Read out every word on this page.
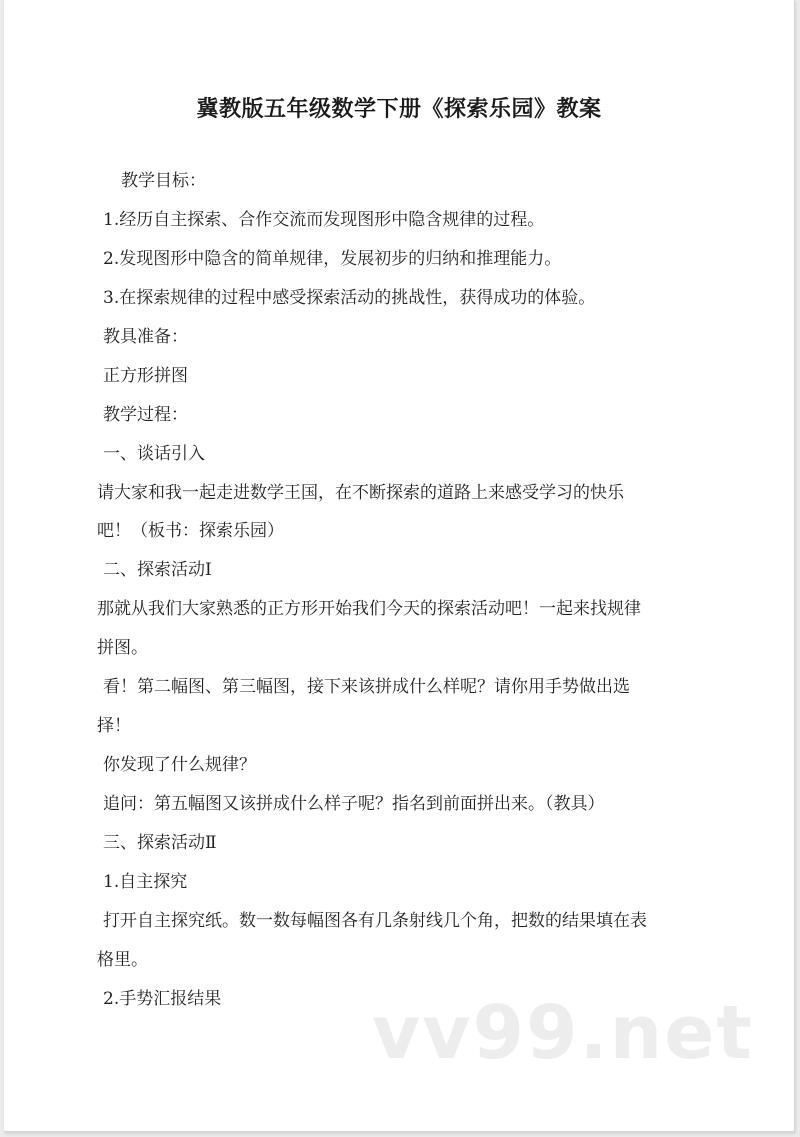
冀教版五年级数学下册《探索乐园》教案

教学目标：

1.经历自主探索、合作交流而发现图形中隐含规律的过程。

2.发现图形中隐含的简单规律，发展初步的归纳和推理能力。

3.在探索规律的过程中感受探索活动的挑战性，获得成功的体验。

教具准备：

正方形拼图

教学过程：

一、谈话引入

请大家和我一起走进数学王国，在不断探索的道路上来感受学习的快乐

吧！（板书：探索乐园）

二、探索活动Ⅰ

那就从我们大家熟悉的正方形开始我们今天的探索活动吧！一起来找规律

拼图。

看！第二幅图、第三幅图，接下来该拼成什么样呢？请你用手势做出选

择！

你发现了什么规律？

追问：第五幅图又该拼成什么样子呢？指名到前面拼出来。（教具）

三、探索活动Ⅱ

1.自主探究

打开自主探究纸。数一数每幅图各有几条射线几个角，把数的结果填在表

格里。

2.手势汇报结果 vv99.net
